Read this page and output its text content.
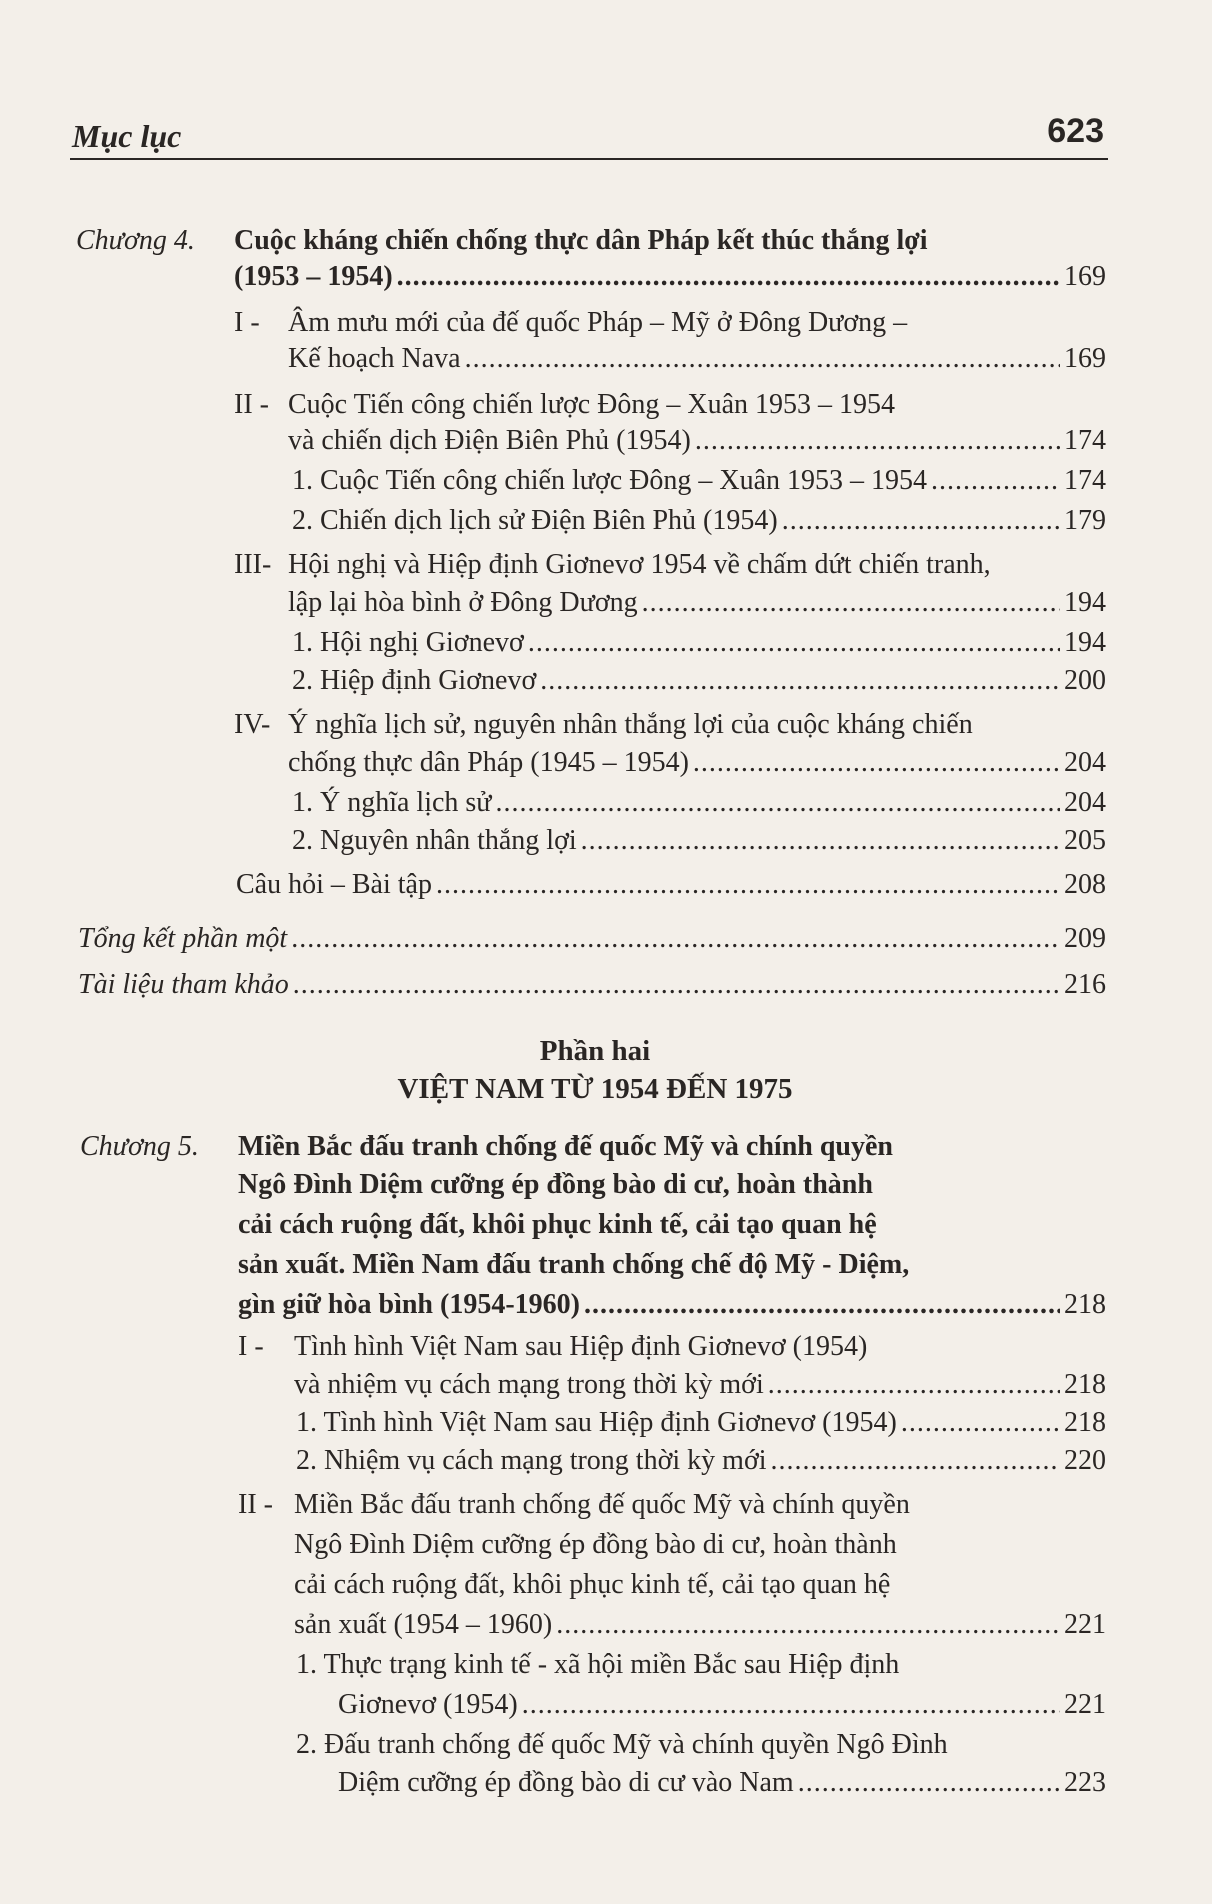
Mục lục	623
Chương 4. Cuộc kháng chiến chống thực dân Pháp kết thúc thắng lợi
(1953 – 1954) .....	169
I - Âm mưu mới của đế quốc Pháp – Mỹ ở Đông Dương –
Kế hoạch Nava .....	169
II - Cuộc Tiến công chiến lược Đông – Xuân 1953 – 1954
và chiến dịch Điện Biên Phủ (1954) .....	174
1. Cuộc Tiến công chiến lược Đông – Xuân 1953 – 1954 .....	174
2. Chiến dịch lịch sử Điện Biên Phủ (1954) .....	179
III- Hội nghị và Hiệp định Giơnevơ 1954 về chấm dứt chiến tranh,
lập lại hòa bình ở Đông Dương .....	194
1. Hội nghị Giơnevơ .....	194
2. Hiệp định Giơnevơ .....	200
IV- Ý nghĩa lịch sử, nguyên nhân thắng lợi của cuộc kháng chiến
chống thực dân Pháp (1945 – 1954) .....	204
1. Ý nghĩa lịch sử .....	204
2. Nguyên nhân thắng lợi .....	205
Câu hỏi – Bài tập .....	208
Tổng kết phần một .....	209
Tài liệu tham khảo .....	216
Phần hai
VIỆT NAM TỪ 1954 ĐẾN 1975
Chương 5. Miền Bắc đấu tranh chống đế quốc Mỹ và chính quyền
Ngô Đình Diệm cưỡng ép đồng bào di cư, hoàn thành
cải cách ruộng đất, khôi phục kinh tế, cải tạo quan hệ
sản xuất. Miền Nam đấu tranh chống chế độ Mỹ - Diệm,
gìn giữ hòa bình (1954-1960) .....	218
I - Tình hình Việt Nam sau Hiệp định Giơnevơ (1954)
và nhiệm vụ cách mạng trong thời kỳ mới .....	218
1. Tình hình Việt Nam sau Hiệp định Giơnevơ (1954) .....	218
2. Nhiệm vụ cách mạng trong thời kỳ mới .....	220
II - Miền Bắc đấu tranh chống đế quốc Mỹ và chính quyền
Ngô Đình Diệm cưỡng ép đồng bào di cư, hoàn thành
cải cách ruộng đất, khôi phục kinh tế, cải tạo quan hệ
sản xuất (1954 – 1960) .....	221
1. Thực trạng kinh tế - xã hội miền Bắc sau Hiệp định
Giơnevơ (1954) .....	221
2. Đấu tranh chống đế quốc Mỹ và chính quyền Ngô Đình
Diệm cưỡng ép đồng bào di cư vào Nam .....	223
